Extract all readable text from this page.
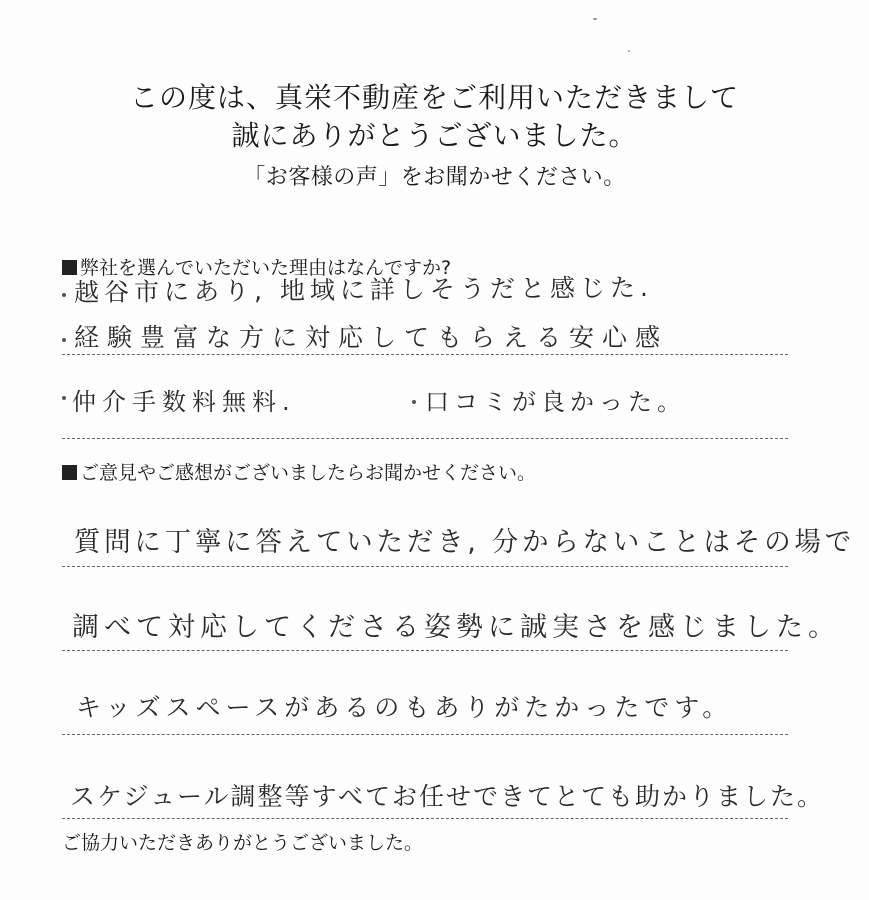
この度は、真栄不動産をご利用いただきまして
誠にありがとうございました。
「お客様の声」をお聞かせください。
弊社を選んでいただいた理由はなんですか?
越谷市にあり, 地域に詳しそうだと感じた.
経験豊富な方に対応してもらえる安心感
仲介手数料無料.	口コミが良かった。
ご意見やご感想がございましたらお聞かせください。
質問に丁寧に答えていただき, 分からないことはその場で
調べて対応してくださる姿勢に誠実さを感じました。
キッズスペースがあるのもありがたかったです。
スケジュール調整等すべてお任せできてとても助かりました。
ご協力いただきありがとうございました。
